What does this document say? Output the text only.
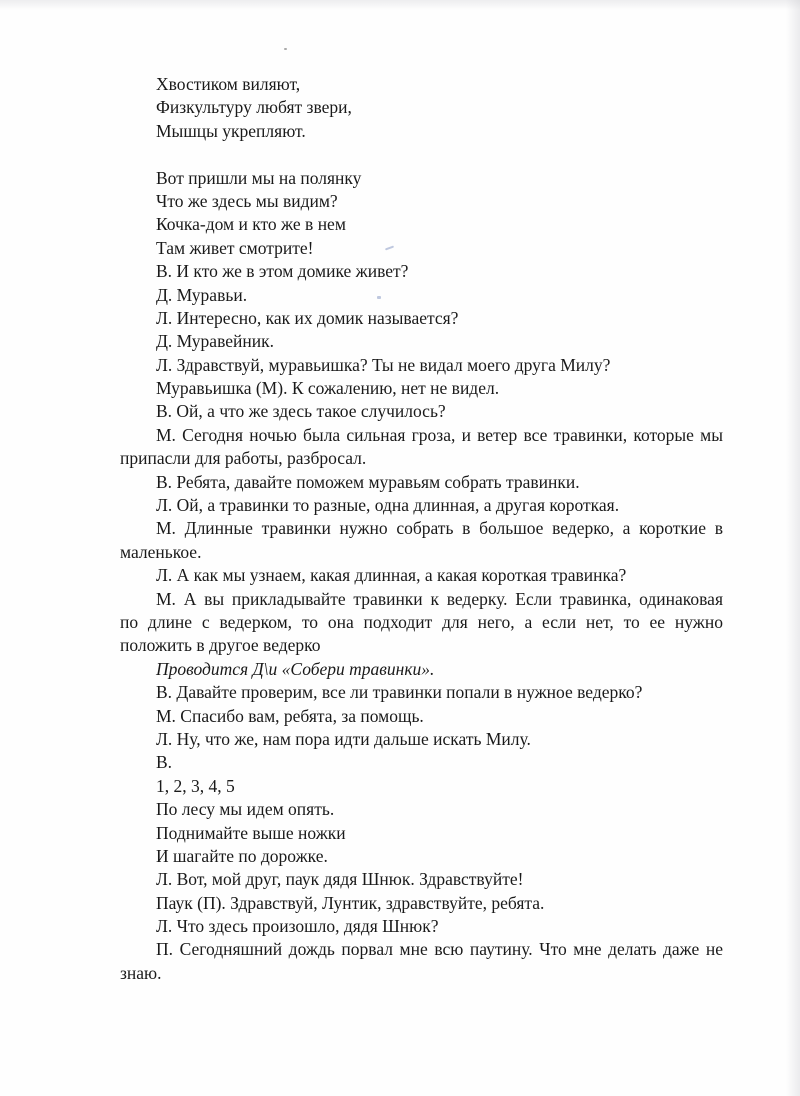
Хвостиком виляют,
Физкультуру любят звери,
Мышцы укрепляют.
Вот пришли мы на полянку
Что же здесь мы видим?
Кочка-дом и кто же в нем
Там живет смотрите!
В. И кто же в этом домике живет?
Д. Муравьи.
Л. Интересно, как их домик называется?
Д. Муравейник.
Л. Здравствуй, муравьишка? Ты не видал моего друга Милу?
Муравьишка (М). К сожалению, нет не видел.
В. Ой, а что же здесь такое случилось?
М. Сегодня ночью была сильная гроза, и ветер все травинки, которые мы
припасли для работы, разбросал.
В. Ребята, давайте поможем муравьям собрать травинки.
Л. Ой, а травинки то разные, одна длинная, а другая короткая.
М. Длинные травинки нужно собрать в большое ведерко, а короткие в
маленькое.
Л. А как мы узнаем, какая длинная, а какая короткая травинка?
М. А вы прикладывайте травинки к ведерку. Если травинка, одинаковая
по длине с ведерком, то она подходит для него, а если нет, то ее нужно
положить в другое ведерко
Проводится Д\и «Собери травинки».
В. Давайте проверим, все ли травинки попали в нужное ведерко?
М. Спасибо вам, ребята, за помощь.
Л. Ну, что же, нам пора идти дальше искать Милу.
В.
1, 2, 3, 4, 5
По лесу мы идем опять.
Поднимайте выше ножки
И шагайте по дорожке.
Л. Вот, мой друг, паук дядя Шнюк. Здравствуйте!
Паук (П). Здравствуй, Лунтик, здравствуйте, ребята.
Л. Что здесь произошло, дядя Шнюк?
П. Сегодняшний дождь порвал мне всю паутину. Что мне делать даже не
знаю.
